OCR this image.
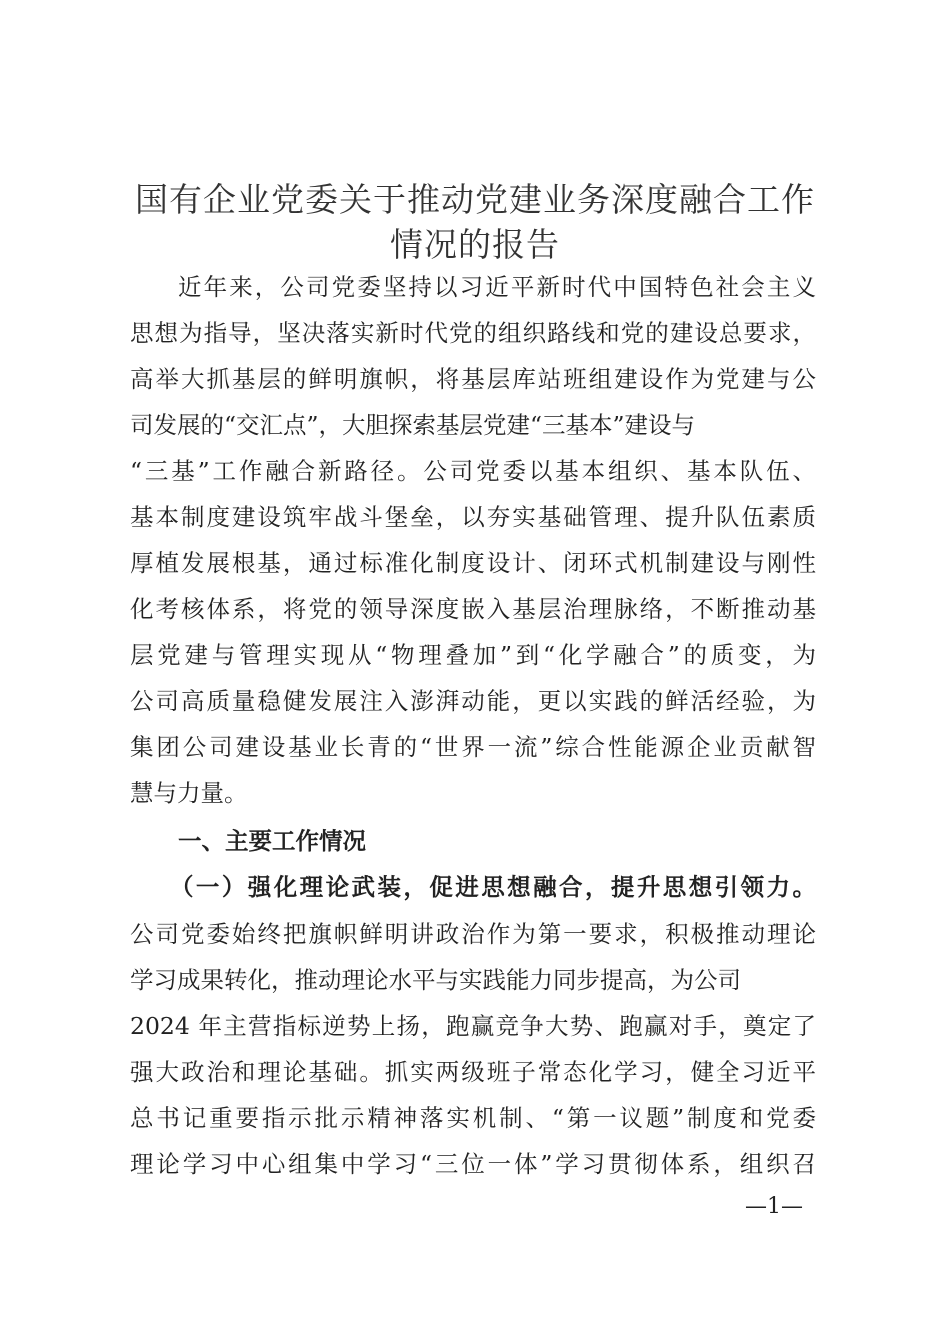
国有企业党委关于推动党建业务深度融合工作
情况的报告
近年来，公司党委坚持以习近平新时代中国特色社会主义
思想为指导，坚决落实新时代党的组织路线和党的建设总要求，
高举大抓基层的鲜明旗帜，将基层库站班组建设作为党建与公
司发展的“交汇点”，大胆探索基层党建“三基本”建设与
“三基”工作融合新路径。公司党委以基本组织、基本队伍、
基本制度建设筑牢战斗堡垒，以夯实基础管理、提升队伍素质
厚植发展根基，通过标准化制度设计、闭环式机制建设与刚性
化考核体系，将党的领导深度嵌入基层治理脉络，不断推动基
层党建与管理实现从“物理叠加”到“化学融合”的质变，为
公司高质量稳健发展注入澎湃动能，更以实践的鲜活经验，为
集团公司建设基业长青的“世界一流”综合性能源企业贡献智
慧与力量。
一、主要工作情况
（一）强化理论武装，促进思想融合，提升思想引领力。
公司党委始终把旗帜鲜明讲政治作为第一要求，积极推动理论
学习成果转化，推动理论水平与实践能力同步提高，为公司
2024 年主营指标逆势上扬，跑赢竞争大势、跑赢对手，奠定了
强大政治和理论基础。抓实两级班子常态化学习，健全习近平
总书记重要指示批示精神落实机制、“第一议题”制度和党委
理论学习中心组集中学习“三位一体”学习贯彻体系，组织召
—1—
